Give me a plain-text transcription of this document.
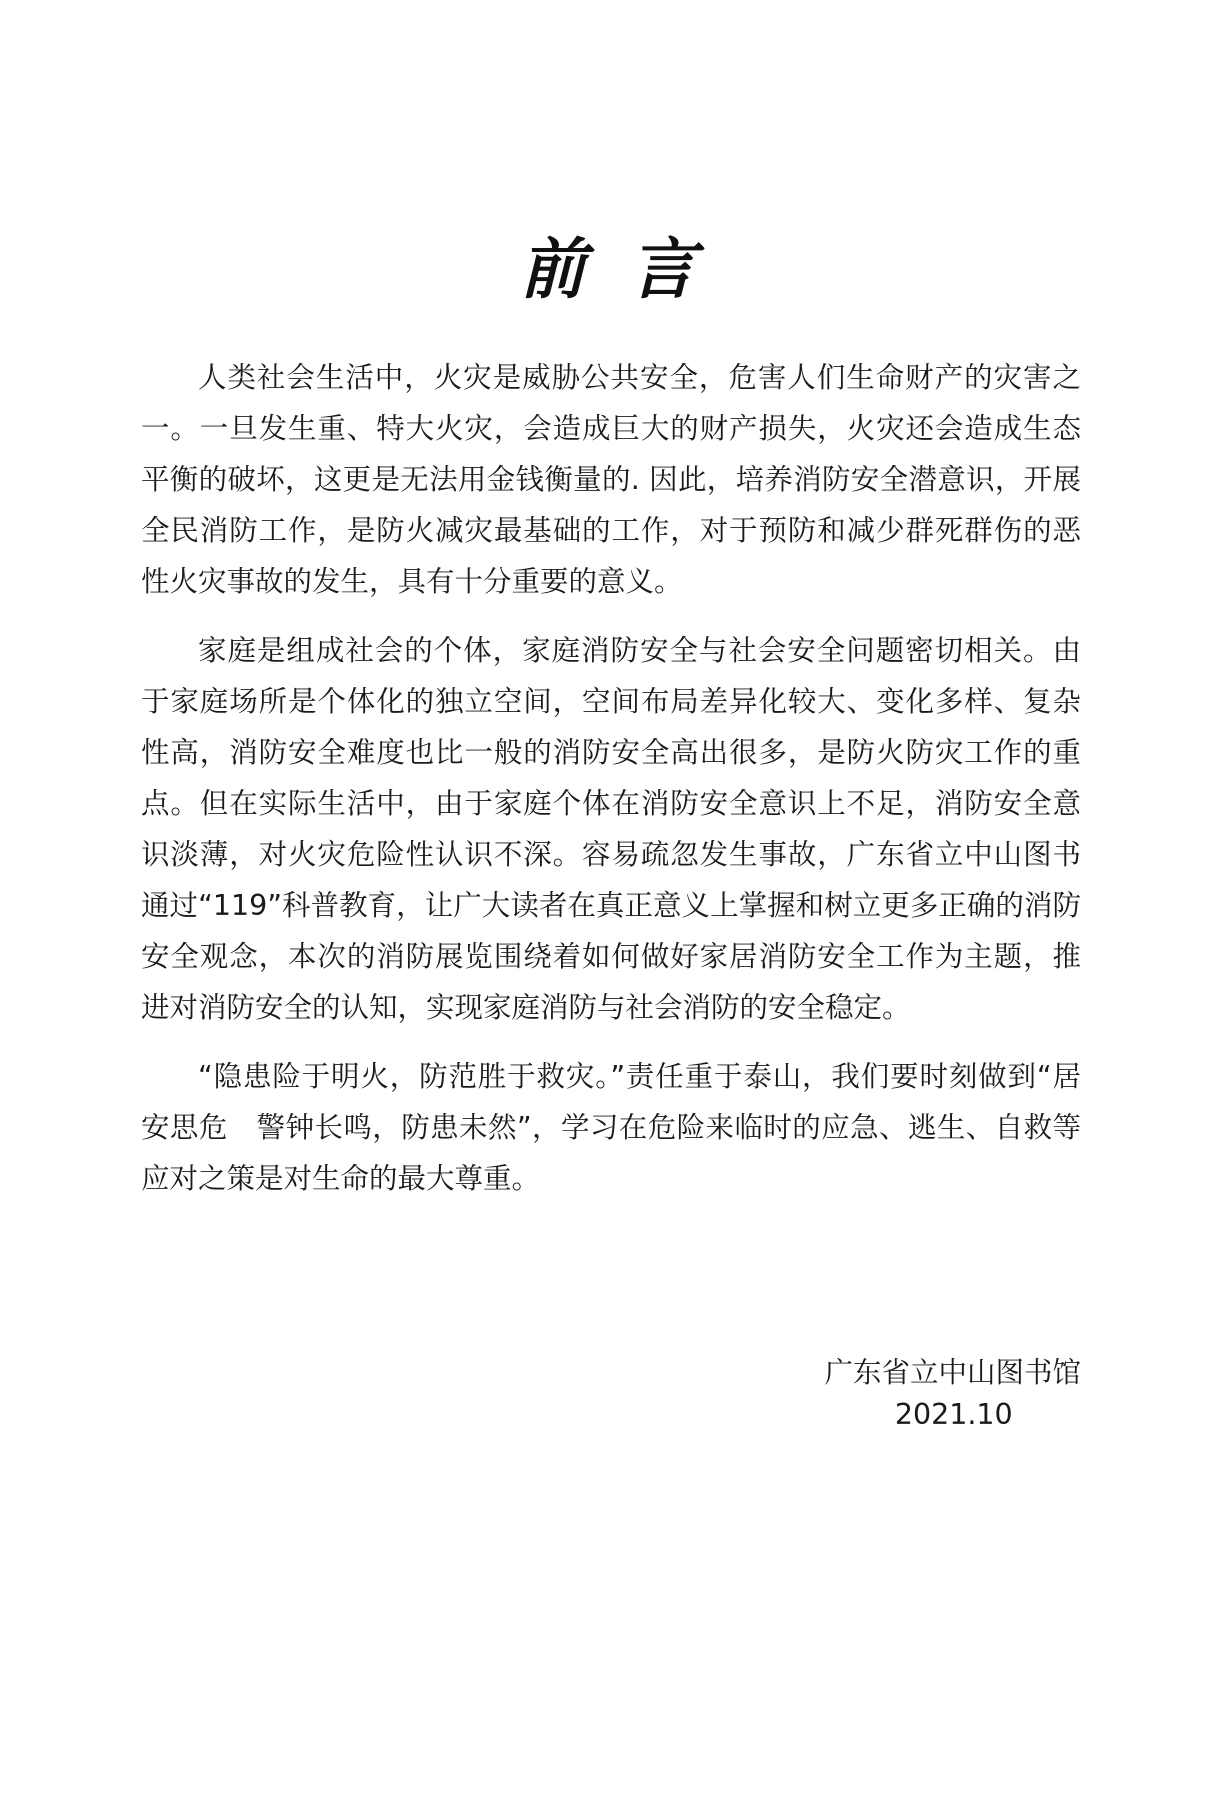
前言

人类社会生活中，火灾是威胁公共安全，危害人们生命财产的灾害之一。一旦发生重、特大火灾，会造成巨大的财产损失，火灾还会造成生态平衡的破坏，这更是无法用金钱衡量的. 因此，培养消防安全潜意识，开展全民消防工作，是防火减灾最基础的工作，对于预防和减少群死群伤的恶性火灾事故的发生，具有十分重要的意义。

家庭是组成社会的个体，家庭消防安全与社会安全问题密切相关。由于家庭场所是个体化的独立空间，空间布局差异化较大、变化多样、复杂性高，消防安全难度也比一般的消防安全高出很多，是防火防灾工作的重点。但在实际生活中，由于家庭个体在消防安全意识上不足，消防安全意识淡薄，对火灾危险性认识不深。容易疏忽发生事故，广东省立中山图书通过“119”科普教育，让广大读者在真正意义上掌握和树立更多正确的消防安全观念，本次的消防展览围绕着如何做好家居消防安全工作为主题，推进对消防安全的认知，实现家庭消防与社会消防的安全稳定。

“隐患险于明火，防范胜于救灾。”责任重于泰山，我们要时刻做到“居安思危　警钟长鸣，防患未然”，学习在危险来临时的应急、逃生、自救等应对之策是对生命的最大尊重。

广东省立中山图书馆
2021.10
